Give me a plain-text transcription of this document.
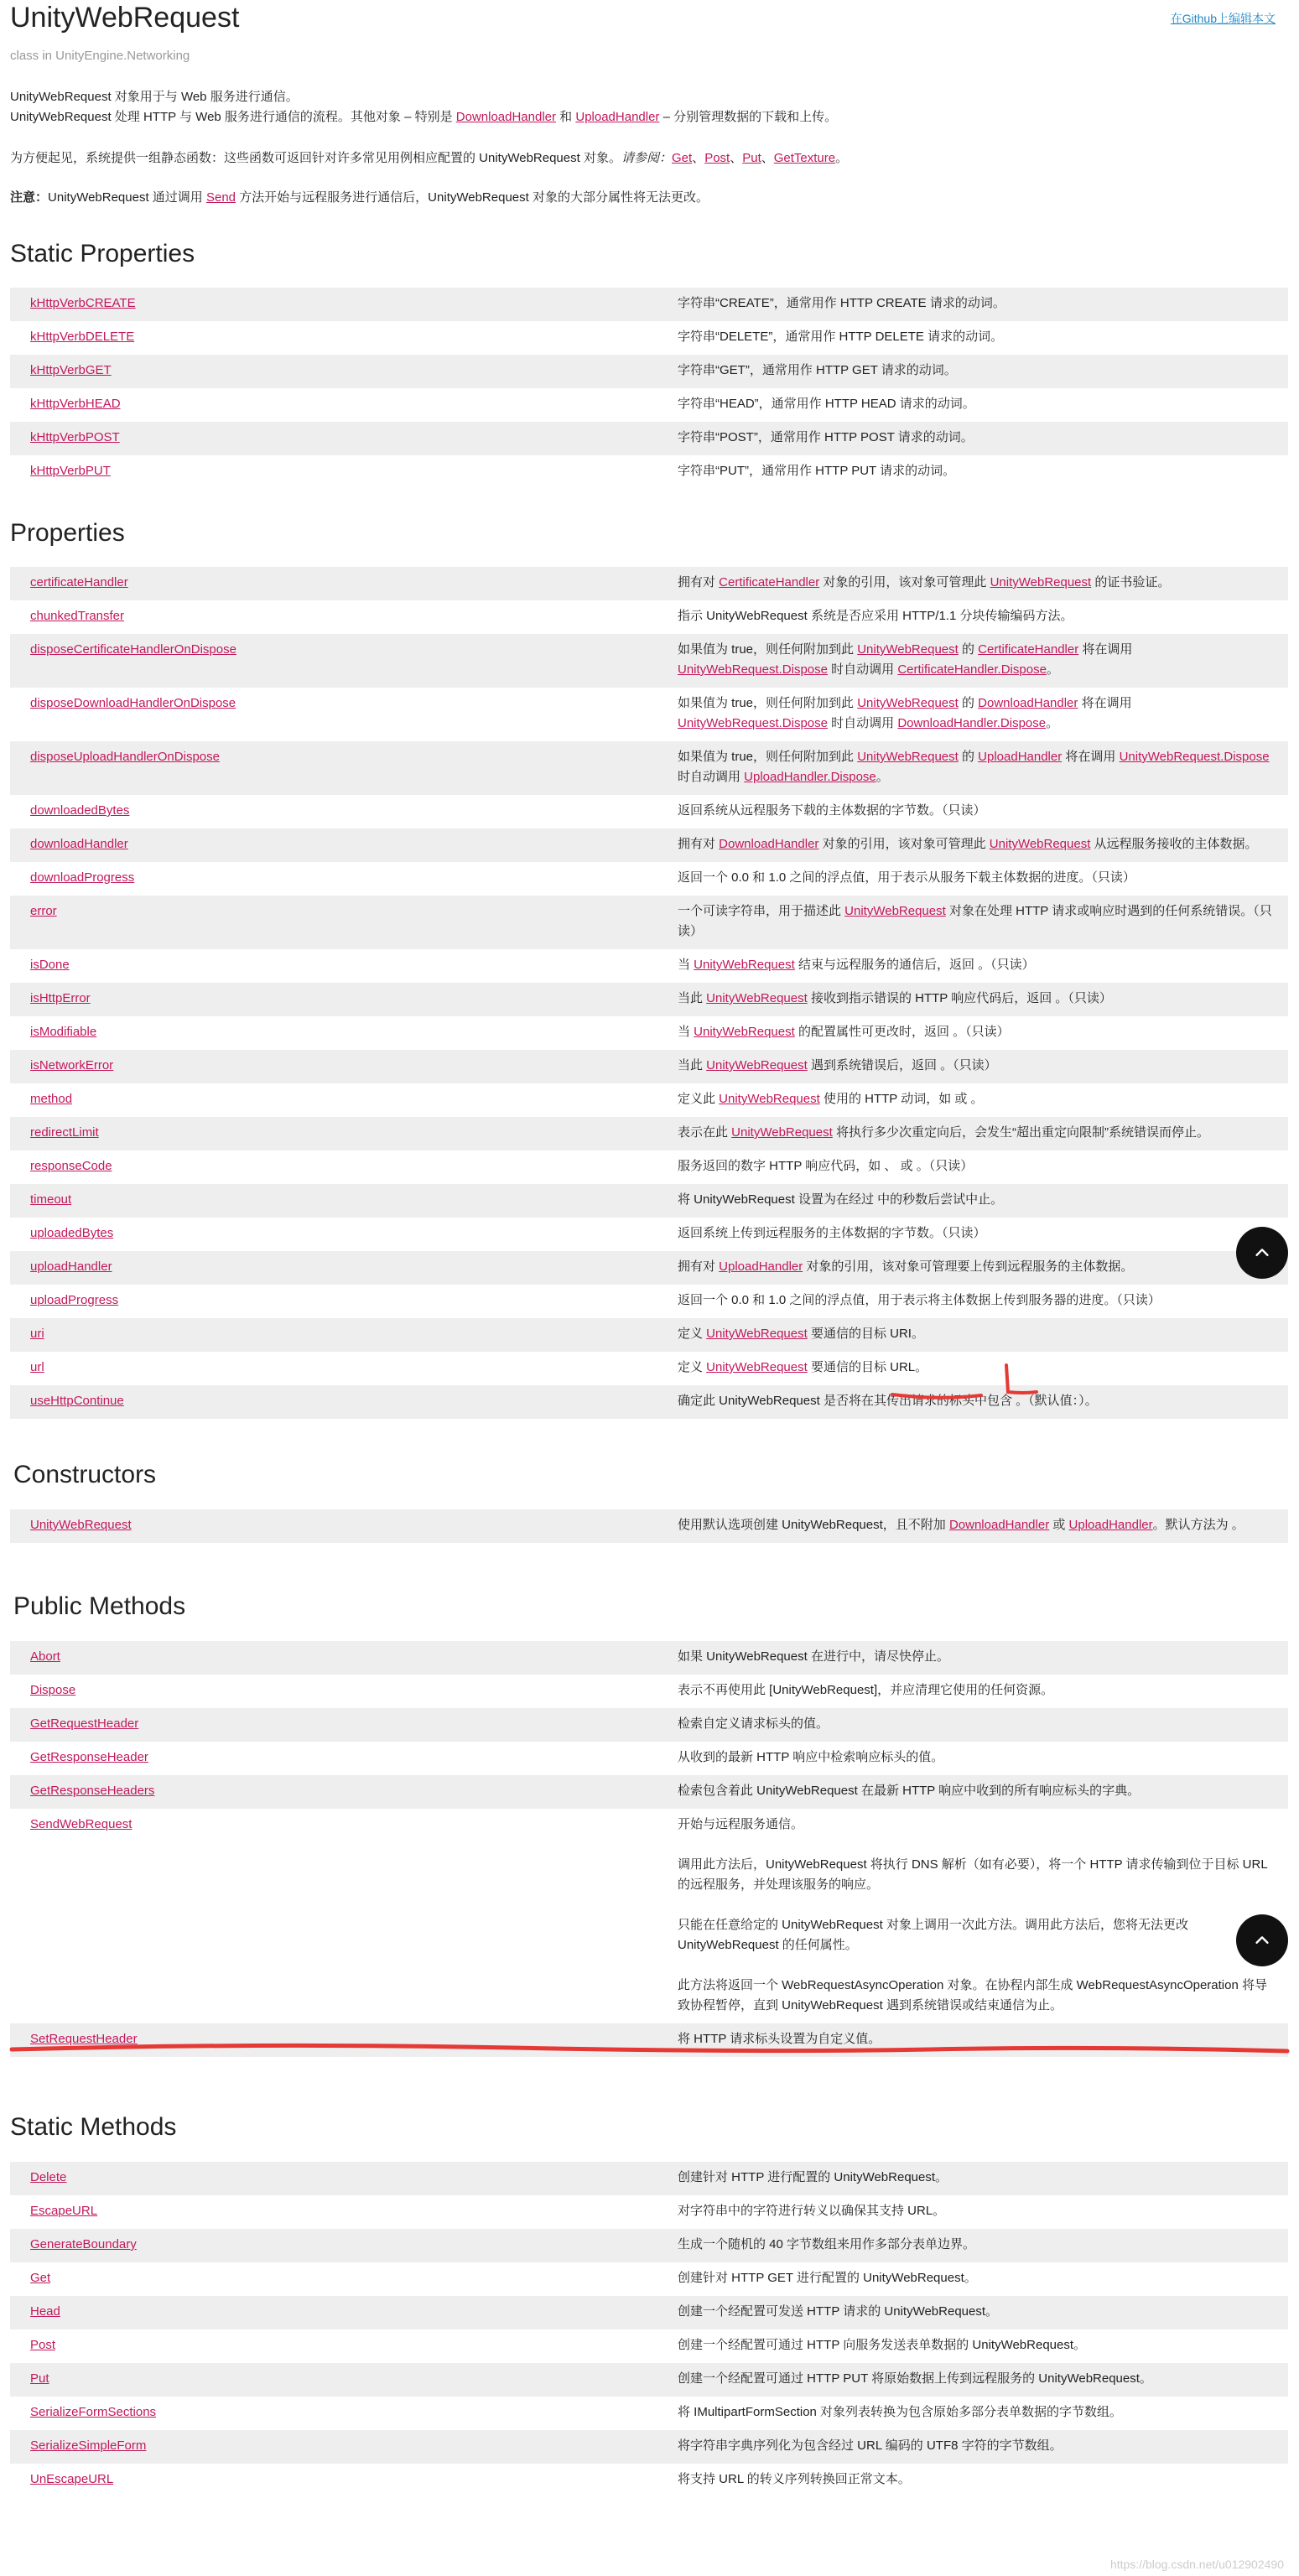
UnityWebRequest	在Github上编辑本文
class in UnityEngine.Networking
UnityWebRequest 对象用于与 Web 服务进行通信。
UnityWebRequest 处理 HTTP 与 Web 服务进行通信的流程。其他对象 – 特别是 DownloadHandler 和 UploadHandler – 分别管理数据的下载和上传。
为方便起见，系统提供一组静态函数：这些函数可返回针对许多常见用例相应配置的 UnityWebRequest 对象。请参阅：Get、Post、Put、GetTexture。
注意：UnityWebRequest 通过调用 Send 方法开始与远程服务进行通信后，UnityWebRequest 对象的大部分属性将无法更改。
Static Properties
kHttpVerbCREATE	字符串“CREATE”，通常用作 HTTP CREATE 请求的动词。
kHttpVerbDELETE	字符串“DELETE”，通常用作 HTTP DELETE 请求的动词。
kHttpVerbGET	字符串“GET”，通常用作 HTTP GET 请求的动词。
kHttpVerbHEAD	字符串“HEAD”，通常用作 HTTP HEAD 请求的动词。
kHttpVerbPOST	字符串“POST”，通常用作 HTTP POST 请求的动词。
kHttpVerbPUT	字符串“PUT”，通常用作 HTTP PUT 请求的动词。
Properties
certificateHandler	拥有对 CertificateHandler 对象的引用，该对象可管理此 UnityWebRequest 的证书验证。
chunkedTransfer	指示 UnityWebRequest 系统是否应采用 HTTP/1.1 分块传输编码方法。
disposeCertificateHandlerOnDispose	如果值为 true，则任何附加到此 UnityWebRequest 的 CertificateHandler 将在调用 UnityWebRequest.Dispose 时自动调用 CertificateHandler.Dispose。
disposeDownloadHandlerOnDispose	如果值为 true，则任何附加到此 UnityWebRequest 的 DownloadHandler 将在调用 UnityWebRequest.Dispose 时自动调用 DownloadHandler.Dispose。
disposeUploadHandlerOnDispose	如果值为 true，则任何附加到此 UnityWebRequest 的 UploadHandler 将在调用 UnityWebRequest.Dispose 时自动调用 UploadHandler.Dispose。
downloadedBytes	返回系统从远程服务下载的主体数据的字节数。（只读）
downloadHandler	拥有对 DownloadHandler 对象的引用，该对象可管理此 UnityWebRequest 从远程服务接收的主体数据。
downloadProgress	返回一个 0.0 和 1.0 之间的浮点值，用于表示从服务下载主体数据的进度。（只读）
error	一个可读字符串，用于描述此 UnityWebRequest 对象在处理 HTTP 请求或响应时遇到的任何系统错误。（只读）
isDone	当 UnityWebRequest 结束与远程服务的通信后，返回 。（只读）
isHttpError	当此 UnityWebRequest 接收到指示错误的 HTTP 响应代码后，返回 。（只读）
isModifiable	当 UnityWebRequest 的配置属性可更改时，返回 。（只读）
isNetworkError	当此 UnityWebRequest 遇到系统错误后，返回 。（只读）
method	定义此 UnityWebRequest 使用的 HTTP 动词，如 或 。
redirectLimit	表示在此 UnityWebRequest 将执行多少次重定向后，会发生“超出重定向限制”系统错误而停止。
responseCode	服务返回的数字 HTTP 响应代码，如 、 或 。（只读）
timeout	将 UnityWebRequest 设置为在经过 中的秒数后尝试中止。
uploadedBytes	返回系统上传到远程服务的主体数据的字节数。（只读）
uploadHandler	拥有对 UploadHandler 对象的引用，该对象可管理要上传到远程服务的主体数据。
uploadProgress	返回一个 0.0 和 1.0 之间的浮点值，用于表示将主体数据上传到服务器的进度。（只读）
uri	定义 UnityWebRequest 要通信的目标 URI。
url	定义 UnityWebRequest 要通信的目标 URL。
useHttpContinue	确定此 UnityWebRequest 是否将在其传出请求的标头中包含 。（默认值：）。
Constructors
UnityWebRequest	使用默认选项创建 UnityWebRequest，且不附加 DownloadHandler 或 UploadHandler。默认方法为 。
Public Methods
Abort	如果 UnityWebRequest 在进行中，请尽快停止。
Dispose	表示不再使用此 [UnityWebRequest]，并应清理它使用的任何资源。
GetRequestHeader	检索自定义请求标头的值。
GetResponseHeader	从收到的最新 HTTP 响应中检索响应标头的值。
GetResponseHeaders	检索包含着此 UnityWebRequest 在最新 HTTP 响应中收到的所有响应标头的字典。
SendWebRequest	开始与远程服务通信。

调用此方法后，UnityWebRequest 将执行 DNS 解析（如有必要），将一个 HTTP 请求传输到位于目标 URL 的远程服务，并处理该服务的响应。

只能在任意给定的 UnityWebRequest 对象上调用一次此方法。调用此方法后，您将无法更改 UnityWebRequest 的任何属性。

此方法将返回一个 WebRequestAsyncOperation 对象。在协程内部生成 WebRequestAsyncOperation 将导致协程暂停，直到 UnityWebRequest 遇到系统错误或结束通信为止。

SetRequestHeader	将 HTTP 请求标头设置为自定义值。
Static Methods
Delete	创建针对 HTTP 进行配置的 UnityWebRequest。
EscapeURL	对字符串中的字符进行转义以确保其支持 URL。
GenerateBoundary	生成一个随机的 40 字节数组来用作多部分表单边界。
Get	创建针对 HTTP GET 进行配置的 UnityWebRequest。
Head	创建一个经配置可发送 HTTP 请求的 UnityWebRequest。
Post	创建一个经配置可通过 HTTP 向服务发送表单数据的 UnityWebRequest。
Put	创建一个经配置可通过 HTTP PUT 将原始数据上传到远程服务的 UnityWebRequest。
SerializeFormSections	将 IMultipartFormSection 对象列表转换为包含原始多部分表单数据的字节数组。
SerializeSimpleForm	将字符串字典序列化为包含经过 URL 编码的 UTF8 字符的字节数组。
UnEscapeURL	将支持 URL 的转义序列转换回正常文本。
https://blog.csdn.net/u012902490
